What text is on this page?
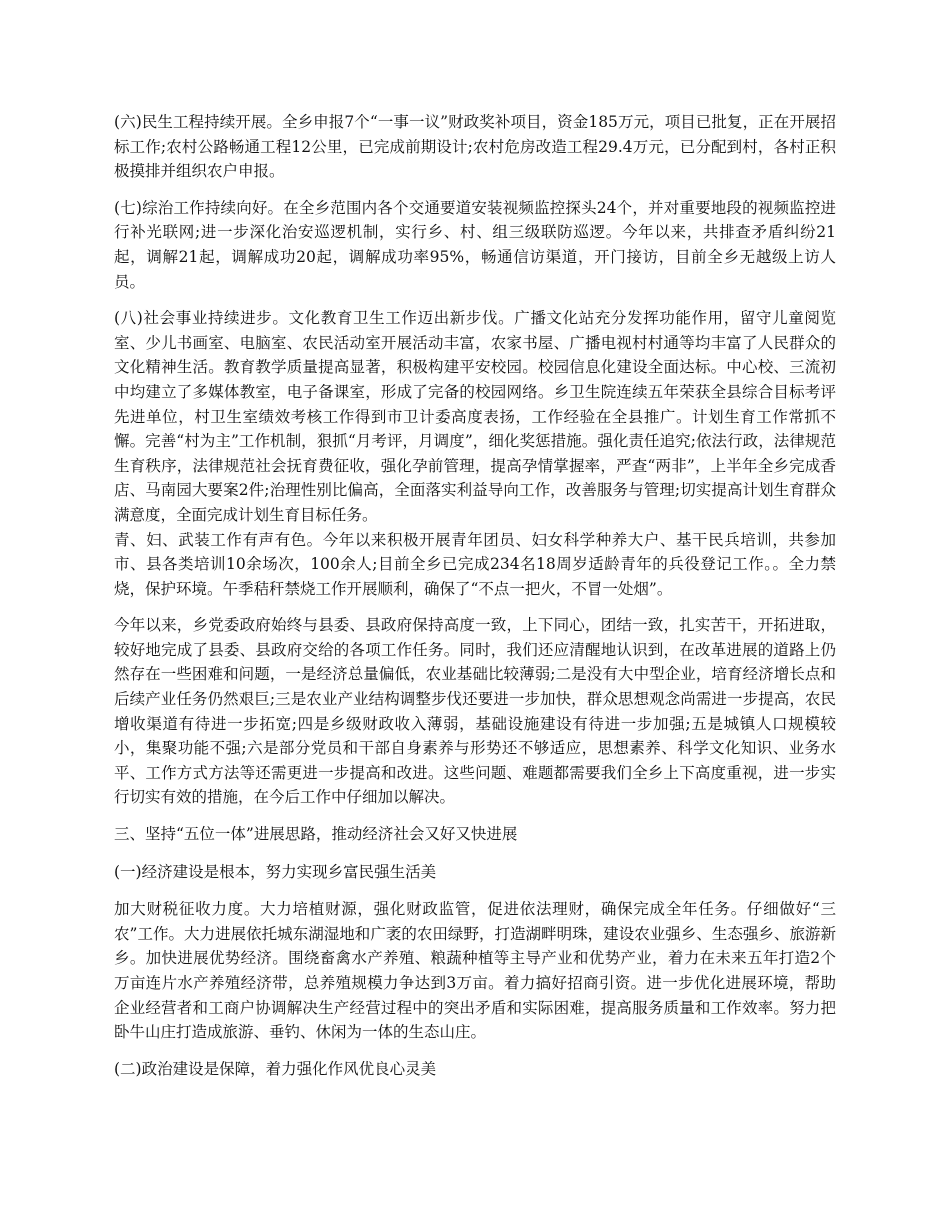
(六)民生工程持续开展。全乡申报7个“一事一议”财政奖补项目，资金185万元，项目已批复，正在开展招标工作;农村公路畅通工程12公里，已完成前期设计;农村危房改造工程29.4万元，已分配到村，各村正积极摸排并组织农户申报。

(七)综治工作持续向好。在全乡范围内各个交通要道安装视频监控探头24个，并对重要地段的视频监控进行补光联网;进一步深化治安巡逻机制，实行乡、村、组三级联防巡逻。今年以来，共排查矛盾纠纷21起，调解21起，调解成功20起，调解成功率95%，畅通信访渠道，开门接访，目前全乡无越级上访人员。

(八)社会事业持续进步。文化教育卫生工作迈出新步伐。广播文化站充分发挥功能作用，留守儿童阅览室、少儿书画室、电脑室、农民活动室开展活动丰富，农家书屋、广播电视村村通等均丰富了人民群众的文化精神生活。教育教学质量提高显著，积极构建平安校园。校园信息化建设全面达标。中心校、三流初中均建立了多媒体教室，电子备课室，形成了完备的校园网络。乡卫生院连续五年荣获全县综合目标考评先进单位，村卫生室绩效考核工作得到市卫计委高度表扬，工作经验在全县推广。计划生育工作常抓不懈。完善“村为主”工作机制，狠抓“月考评，月调度”，细化奖惩措施。强化责任追究;依法行政，法律规范生育秩序，法律规范社会抚育费征收，强化孕前管理，提高孕情掌握率，严查“两非”，上半年全乡完成香店、马南园大要案2件;治理性别比偏高，全面落实利益导向工作，改善服务与管理;切实提高计划生育群众满意度，全面完成计划生育目标任务。

青、妇、武装工作有声有色。今年以来积极开展青年团员、妇女科学种养大户、基干民兵培训，共参加市、县各类培训10余场次，100余人;目前全乡已完成234名18周岁适龄青年的兵役登记工作。。全力禁烧，保护环境。午季秸秆禁烧工作开展顺利，确保了“不点一把火，不冒一处烟”。

今年以来，乡党委政府始终与县委、县政府保持高度一致，上下同心，团结一致，扎实苦干，开拓进取，较好地完成了县委、县政府交给的各项工作任务。同时，我们还应清醒地认识到，在改革进展的道路上仍然存在一些困难和问题，一是经济总量偏低，农业基础比较薄弱;二是没有大中型企业，培育经济增长点和后续产业任务仍然艰巨;三是农业产业结构调整步伐还要进一步加快，群众思想观念尚需进一步提高，农民增收渠道有待进一步拓宽;四是乡级财政收入薄弱，基础设施建设有待进一步加强;五是城镇人口规模较小，集聚功能不强;六是部分党员和干部自身素养与形势还不够适应，思想素养、科学文化知识、业务水平、工作方式方法等还需更进一步提高和改进。这些问题、难题都需要我们全乡上下高度重视，进一步实行切实有效的措施，在今后工作中仔细加以解决。

三、坚持“五位一体”进展思路，推动经济社会又好又快进展

(一)经济建设是根本，努力实现乡富民强生活美

加大财税征收力度。大力培植财源，强化财政监管，促进依法理财，确保完成全年任务。仔细做好“三农”工作。大力进展依托城东湖湿地和广袤的农田绿野，打造湖畔明珠，建设农业强乡、生态强乡、旅游新乡。加快进展优势经济。围绕畜禽水产养殖、粮蔬种植等主导产业和优势产业，着力在未来五年打造2个万亩连片水产养殖经济带，总养殖规模力争达到3万亩。着力搞好招商引资。进一步优化进展环境，帮助企业经营者和工商户协调解决生产经营过程中的突出矛盾和实际困难，提高服务质量和工作效率。努力把卧牛山庄打造成旅游、垂钓、休闲为一体的生态山庄。

(二)政治建设是保障，着力强化作风优良心灵美
